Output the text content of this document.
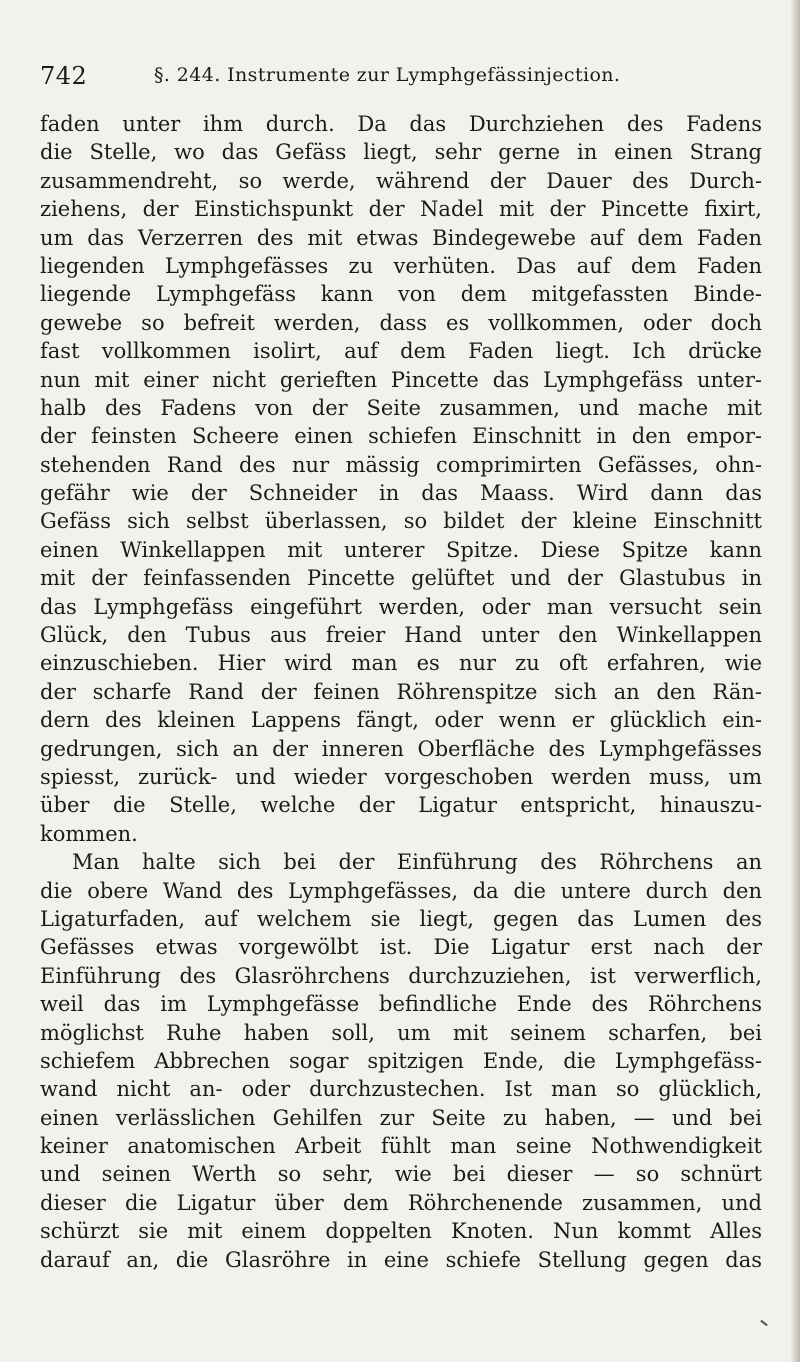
742	§. 244. Instrumente zur Lymphgefässinjection.
faden unter ihm durch. Da das Durchziehen des Fadens
die Stelle, wo das Gefäss liegt, sehr gerne in einen Strang
zusammendreht, so werde, während der Dauer des Durch-
ziehens, der Einstichspunkt der Nadel mit der Pincette fixirt,
um das Verzerren des mit etwas Bindegewebe auf dem Faden
liegenden Lymphgefässes zu verhüten. Das auf dem Faden
liegende Lymphgefäss kann von dem mitgefassten Binde-
gewebe so befreit werden, dass es vollkommen, oder doch
fast vollkommen isolirt, auf dem Faden liegt. Ich drücke
nun mit einer nicht gerieften Pincette das Lymphgefäss unter-
halb des Fadens von der Seite zusammen, und mache mit
der feinsten Scheere einen schiefen Einschnitt in den empor-
stehenden Rand des nur mässig comprimirten Gefässes, ohn-
gefähr wie der Schneider in das Maass. Wird dann das
Gefäss sich selbst überlassen, so bildet der kleine Einschnitt
einen Winkellappen mit unterer Spitze. Diese Spitze kann
mit der feinfassenden Pincette gelüftet und der Glastubus in
das Lymphgefäss eingeführt werden, oder man versucht sein
Glück, den Tubus aus freier Hand unter den Winkellappen
einzuschieben. Hier wird man es nur zu oft erfahren, wie
der scharfe Rand der feinen Röhrenspitze sich an den Rän-
dern des kleinen Lappens fängt, oder wenn er glücklich ein-
gedrungen, sich an der inneren Oberfläche des Lymphgefässes
spiesst, zurück- und wieder vorgeschoben werden muss, um
über die Stelle, welche der Ligatur entspricht, hinauszu-
kommen.
Man halte sich bei der Einführung des Röhrchens an
die obere Wand des Lymphgefässes, da die untere durch den
Ligaturfaden, auf welchem sie liegt, gegen das Lumen des
Gefässes etwas vorgewölbt ist. Die Ligatur erst nach der
Einführung des Glasröhrchens durchzuziehen, ist verwerflich,
weil das im Lymphgefässe befindliche Ende des Röhrchens
möglichst Ruhe haben soll, um mit seinem scharfen, bei
schiefem Abbrechen sogar spitzigen Ende, die Lymphgefäss-
wand nicht an- oder durchzustechen. Ist man so glücklich,
einen verlässlichen Gehilfen zur Seite zu haben, — und bei
keiner anatomischen Arbeit fühlt man seine Nothwendigkeit
und seinen Werth so sehr, wie bei dieser — so schnürt
dieser die Ligatur über dem Röhrchenende zusammen, und
schürzt sie mit einem doppelten Knoten. Nun kommt Alles
darauf an, die Glasröhre in eine schiefe Stellung gegen das
